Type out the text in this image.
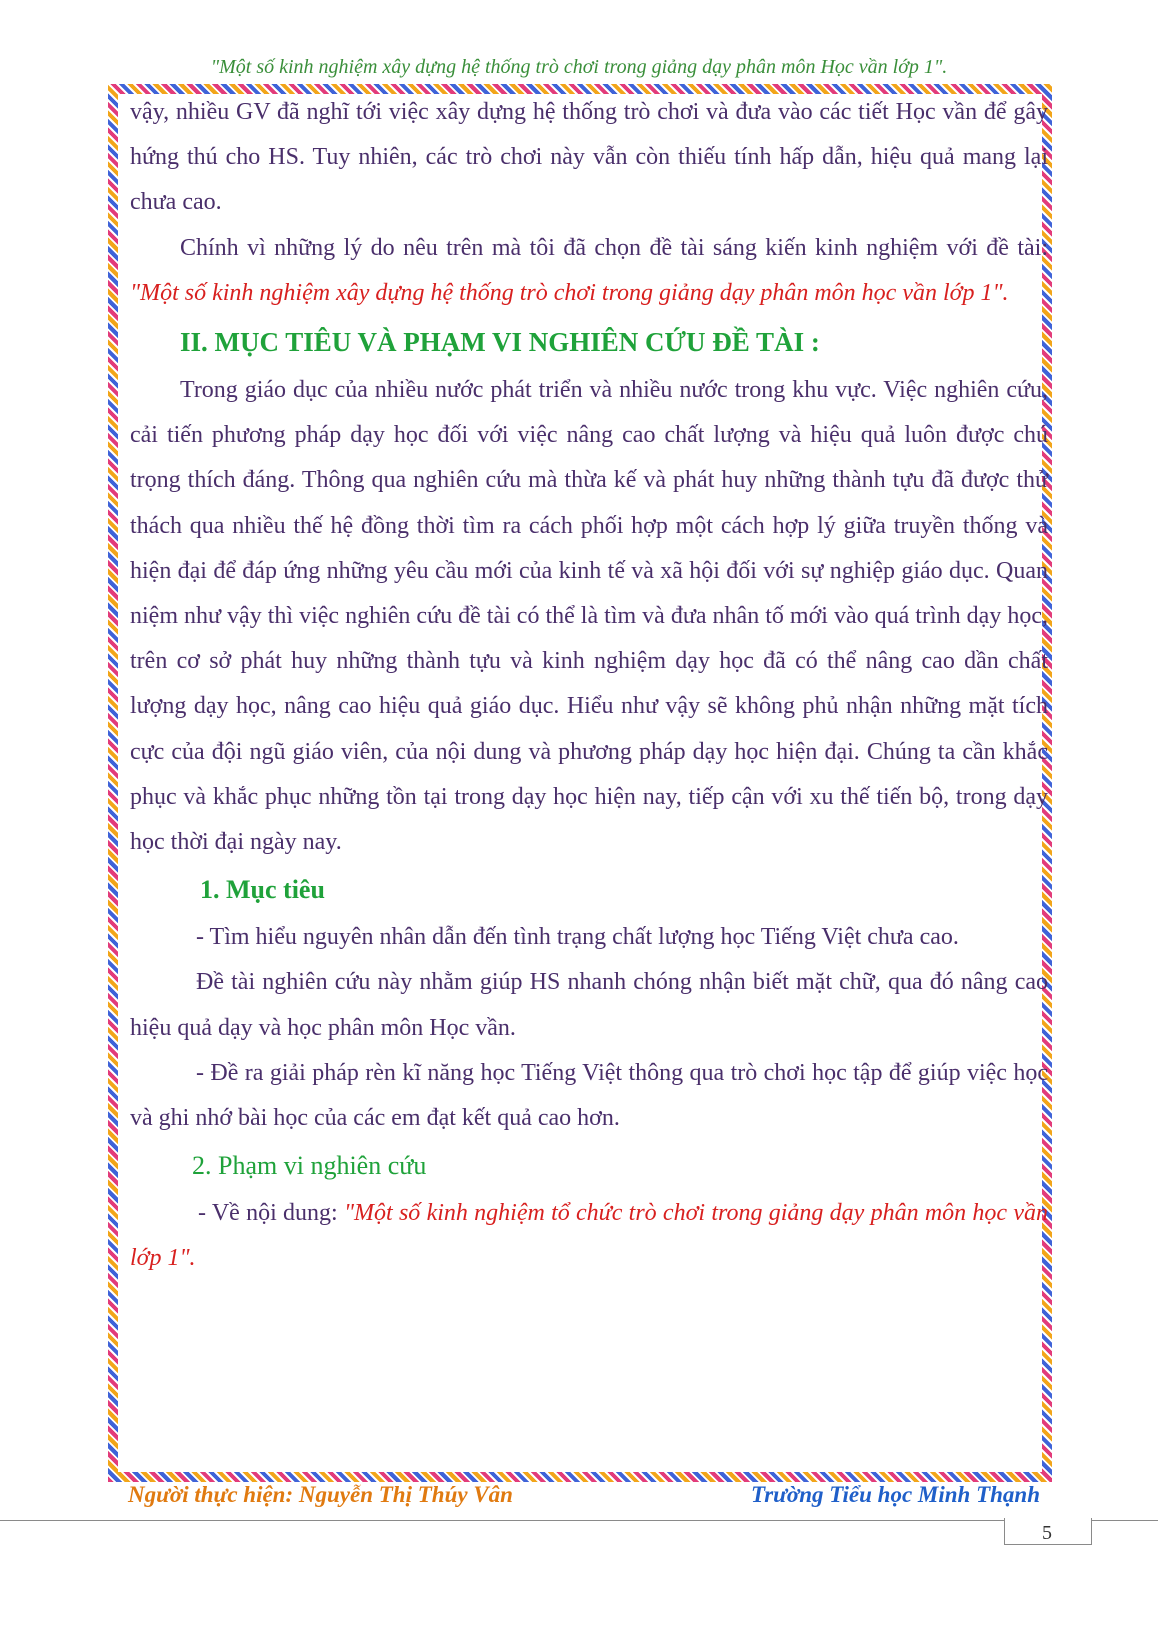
"Một số kinh nghiệm xây dựng hệ thống trò chơi trong giảng dạy phân môn Học vần lớp 1".

vậy, nhiều GV đã nghĩ tới việc xây dựng hệ thống trò chơi và đưa vào các tiết Học vần để gây hứng thú cho HS. Tuy nhiên, các trò chơi này vẫn còn thiếu tính hấp dẫn, hiệu quả mang lại chưa cao.

Chính vì những lý do nêu trên mà tôi đã chọn đề tài sáng kiến kinh nghiệm với đề tài: "Một số kinh nghiệm xây dựng hệ thống trò chơi trong giảng dạy phân môn học vần lớp 1".

II. MỤC TIÊU VÀ PHẠM VI NGHIÊN CỨU ĐỀ TÀI :

Trong giáo dục của nhiều nước phát triển và nhiều nước trong khu vực. Việc nghiên cứu, cải tiến phương pháp dạy học đối với việc nâng cao chất lượng và hiệu quả luôn được chú trọng thích đáng. Thông qua nghiên cứu mà thừa kế và phát huy những thành tựu đã được thử thách qua nhiều thế hệ đồng thời tìm ra cách phối hợp một cách hợp lý giữa truyền thống và hiện đại để đáp ứng những yêu cầu mới của kinh tế và xã hội đối với sự nghiệp giáo dục. Quan niệm như vậy thì việc nghiên cứu đề tài có thể là tìm và đưa nhân tố mới vào quá trình dạy học, trên cơ sở phát huy những thành tựu và kinh nghiệm dạy học đã có thể nâng cao dần chất lượng dạy học, nâng cao hiệu quả giáo dục. Hiểu như vậy sẽ không phủ nhận những mặt tích cực của đội ngũ giáo viên, của nội dung và phương pháp dạy học hiện đại. Chúng ta cần khắc phục và khắc phục những tồn tại trong dạy học hiện nay, tiếp cận với xu thế tiến bộ, trong dạy học thời đại ngày nay.

1. Mục tiêu

- Tìm hiểu nguyên nhân dẫn đến tình trạng chất lượng học Tiếng Việt chưa cao.

Đề tài nghiên cứu này nhằm giúp HS nhanh chóng nhận biết mặt chữ, qua đó nâng cao hiệu quả dạy và học phân môn Học vần.

- Đề ra giải pháp rèn kĩ năng học Tiếng Việt thông qua trò chơi học tập để giúp việc học và ghi nhớ bài học của các em đạt kết quả cao hơn.

2. Phạm vi nghiên cứu

- Về nội dung: "Một số kinh nghiệm tổ chức trò chơi trong giảng dạy phân môn học vần lớp 1".

Người thực hiện: Nguyễn Thị Thúy Vân	Trường Tiểu học Minh Thạnh
5
